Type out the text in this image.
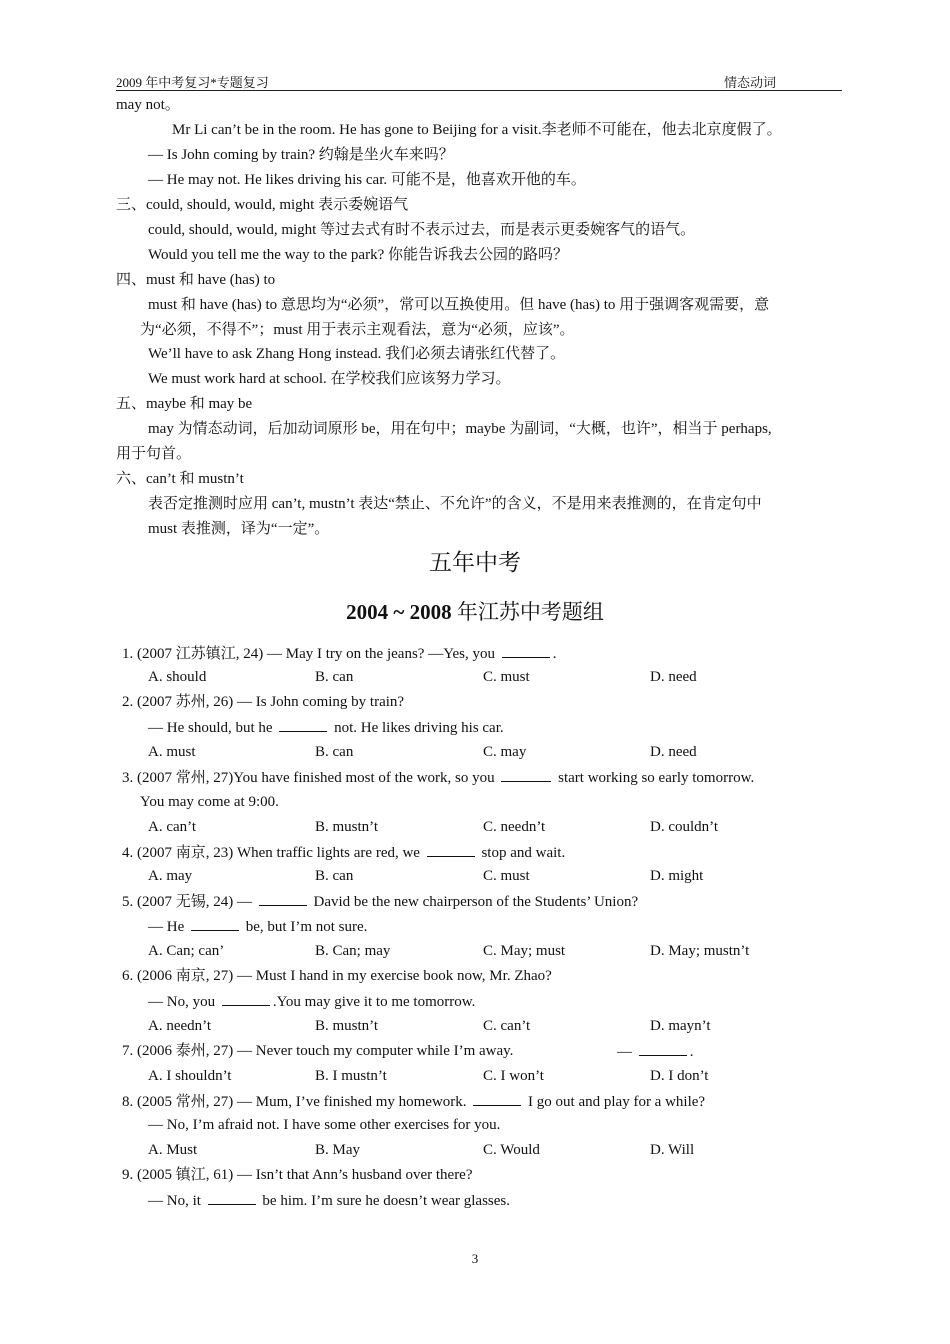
2009 年中考复习*专题复习	情态动词
may not。
Mr Li can’t be in the room. He has gone to Beijing for a visit.李老师不可能在，他去北京度假了。
— Is John coming by train? 约翰是坐火车来吗？
— He may not. He likes driving his car. 可能不是，他喜欢开他的车。
三、could, should, would, might 表示委婉语气
could, should, would, might 等过去式有时不表示过去，而是表示更委婉客气的语气。
Would you tell me the way to the park? 你能告诉我去公园的路吗？
四、must 和 have (has) to
must 和 have (has) to 意思均为“必须”，常可以互换使用。但 have (has) to 用于强调客观需要，意
为“必须，不得不”；must 用于表示主观看法，意为“必须，应该”。
We’ll have to ask Zhang Hong instead. 我们必须去请张红代替了。
We must work hard at school. 在学校我们应该努力学习。
五、maybe 和 may be
may 为情态动词，后加动词原形 be，用在句中；maybe 为副词，“大概，也许”，相当于 perhaps,
用于句首。
六、can’t 和 mustn’t
表否定推测时应用 can’t, mustn’t 表达“禁止、不允许”的含义，不是用来表推测的，在肯定句中
must 表推测，译为“一定”。
五年中考
2004 ~ 2008 年江苏中考题组
1. (2007 江苏镇江, 24) — May I try on the jeans? —Yes, you	.
A. should	B. can	C. must	D. need
2. (2007 苏州, 26) — Is John coming by train?
— He should, but he	not. He likes driving his car.
A. must	B. can	C. may	D. need
3. (2007 常州, 27)You have finished most of the work, so you	start working so early tomorrow.
You may come at 9:00.
A. can’t	B. mustn’t	C. needn’t	D. couldn’t
4. (2007 南京, 23) When traffic lights are red, we	stop and wait.
A. may	B. can	C. must	D. might
5. (2007 无锡, 24) —	David be the new chairperson of the Students’ Union?
— He	be, but I’m not sure.
A. Can; can’	B. Can; may	C. May; must	D. May; mustn’t
6. (2006 南京, 27) — Must I hand in my exercise book now, Mr. Zhao?
— No, you	.You may give it to me tomorrow.
A. needn’t	B. mustn’t	C. can’t	D. mayn’t
7. (2006 泰州, 27) — Never touch my computer while I’m away.	—	.
A. I shouldn’t	B. I mustn’t	C. I won’t	D. I don’t
8. (2005 常州, 27) — Mum, I’ve finished my homework.	I go out and play for a while?
— No, I’m afraid not. I have some other exercises for you.
A. Must	B. May	C. Would	D. Will
9. (2005 镇江, 61) — Isn’t that Ann’s husband over there?
— No, it	be him. I’m sure he doesn’t wear glasses.
3
